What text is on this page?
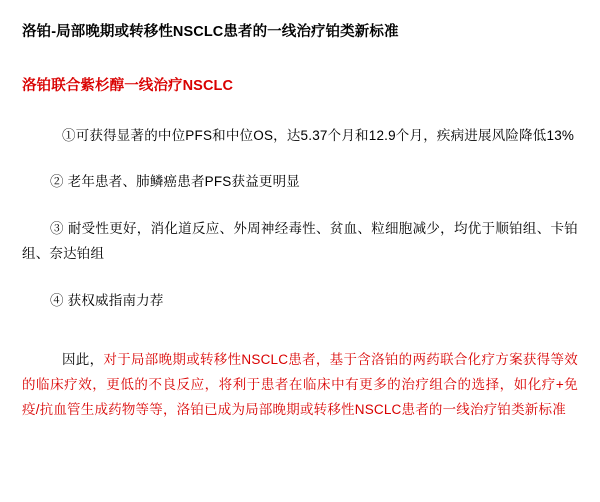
洛铂-局部晚期或转移性NSCLC患者的一线治疗铂类新标准
洛铂联合紫杉醇一线治疗NSCLC

①可获得显著的中位PFS和中位OS，达5.37个月和12.9个月，疾病进展风险降低13%

② 老年患者、肺鳞癌患者PFS获益更明显

③ 耐受性更好，消化道反应、外周神经毒性、贫血、粒细胞减少，均优于顺铂组、卡铂组、奈达铂组

④ 获权威指南力荐

因此，对于局部晚期或转移性NSCLC患者，基于含洛铂的两药联合化疗方案获得等效的临床疗效，更低的不良反应，将利于患者在临床中有更多的治疗组合的选择，如化疗+免疫/抗血管生成药物等等，洛铂已成为局部晚期或转移性NSCLC患者的一线治疗铂类新标准
